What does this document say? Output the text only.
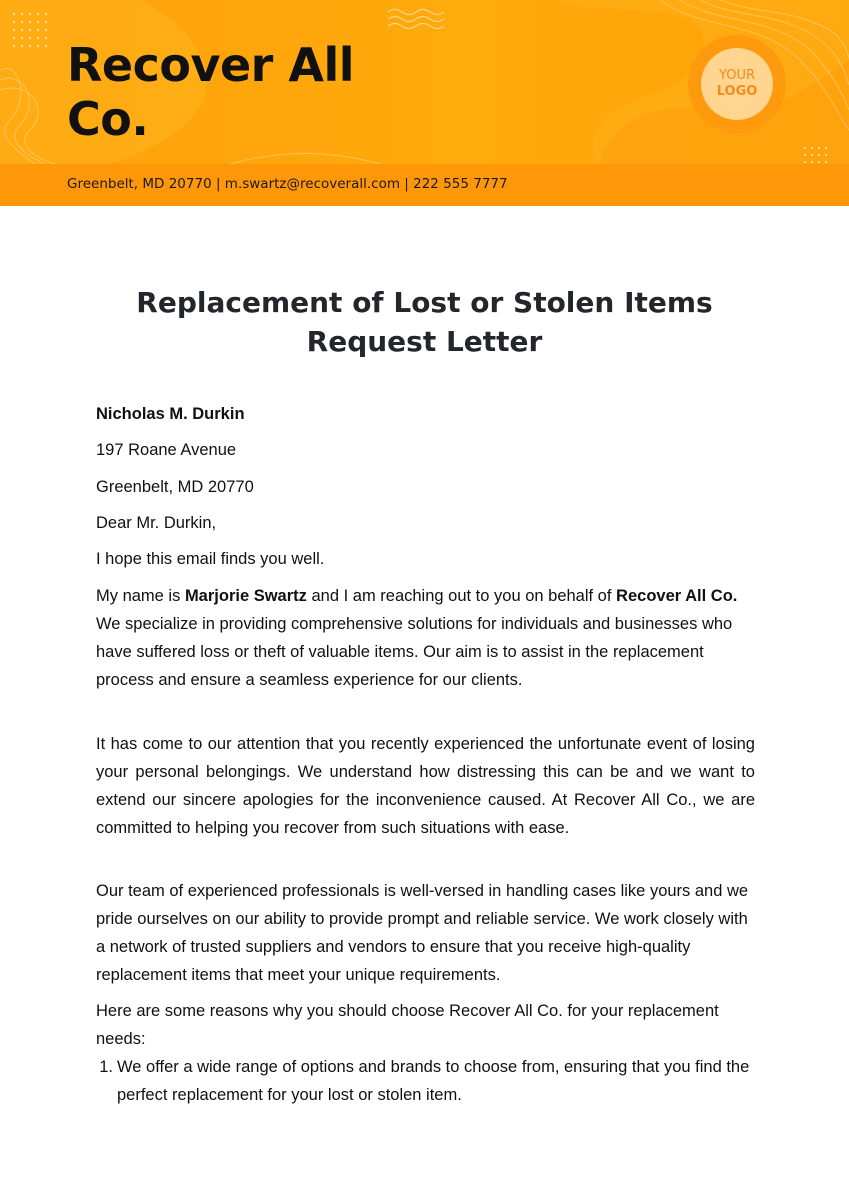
Recover All Co.
YOUR
LOGO
Greenbelt, MD 20770 | m.swartz@recoverall.com | 222 555 7777
Replacement of Lost or Stolen Items Request Letter

Nicholas M. Durkin

197 Roane Avenue

Greenbelt, MD 20770

Dear Mr. Durkin,

I hope this email finds you well.

My name is Marjorie Swartz and I am reaching out to you on behalf of Recover All Co. We specialize in providing comprehensive solutions for individuals and businesses who have suffered loss or theft of valuable items. Our aim is to assist in the replacement process and ensure a seamless experience for our clients.

It has come to our attention that you recently experienced the unfortunate event of losing your personal belongings. We understand how distressing this can be and we want to extend our sincere apologies for the inconvenience caused. At Recover All Co., we are committed to helping you recover from such situations with ease.

Our team of experienced professionals is well-versed in handling cases like yours and we pride ourselves on our ability to provide prompt and reliable service. We work closely with a network of trusted suppliers and vendors to ensure that you receive high-quality replacement items that meet your unique requirements.

Here are some reasons why you should choose Recover All Co. for your replacement needs:

1. We offer a wide range of options and brands to choose from, ensuring that you find the perfect replacement for your lost or stolen item.
